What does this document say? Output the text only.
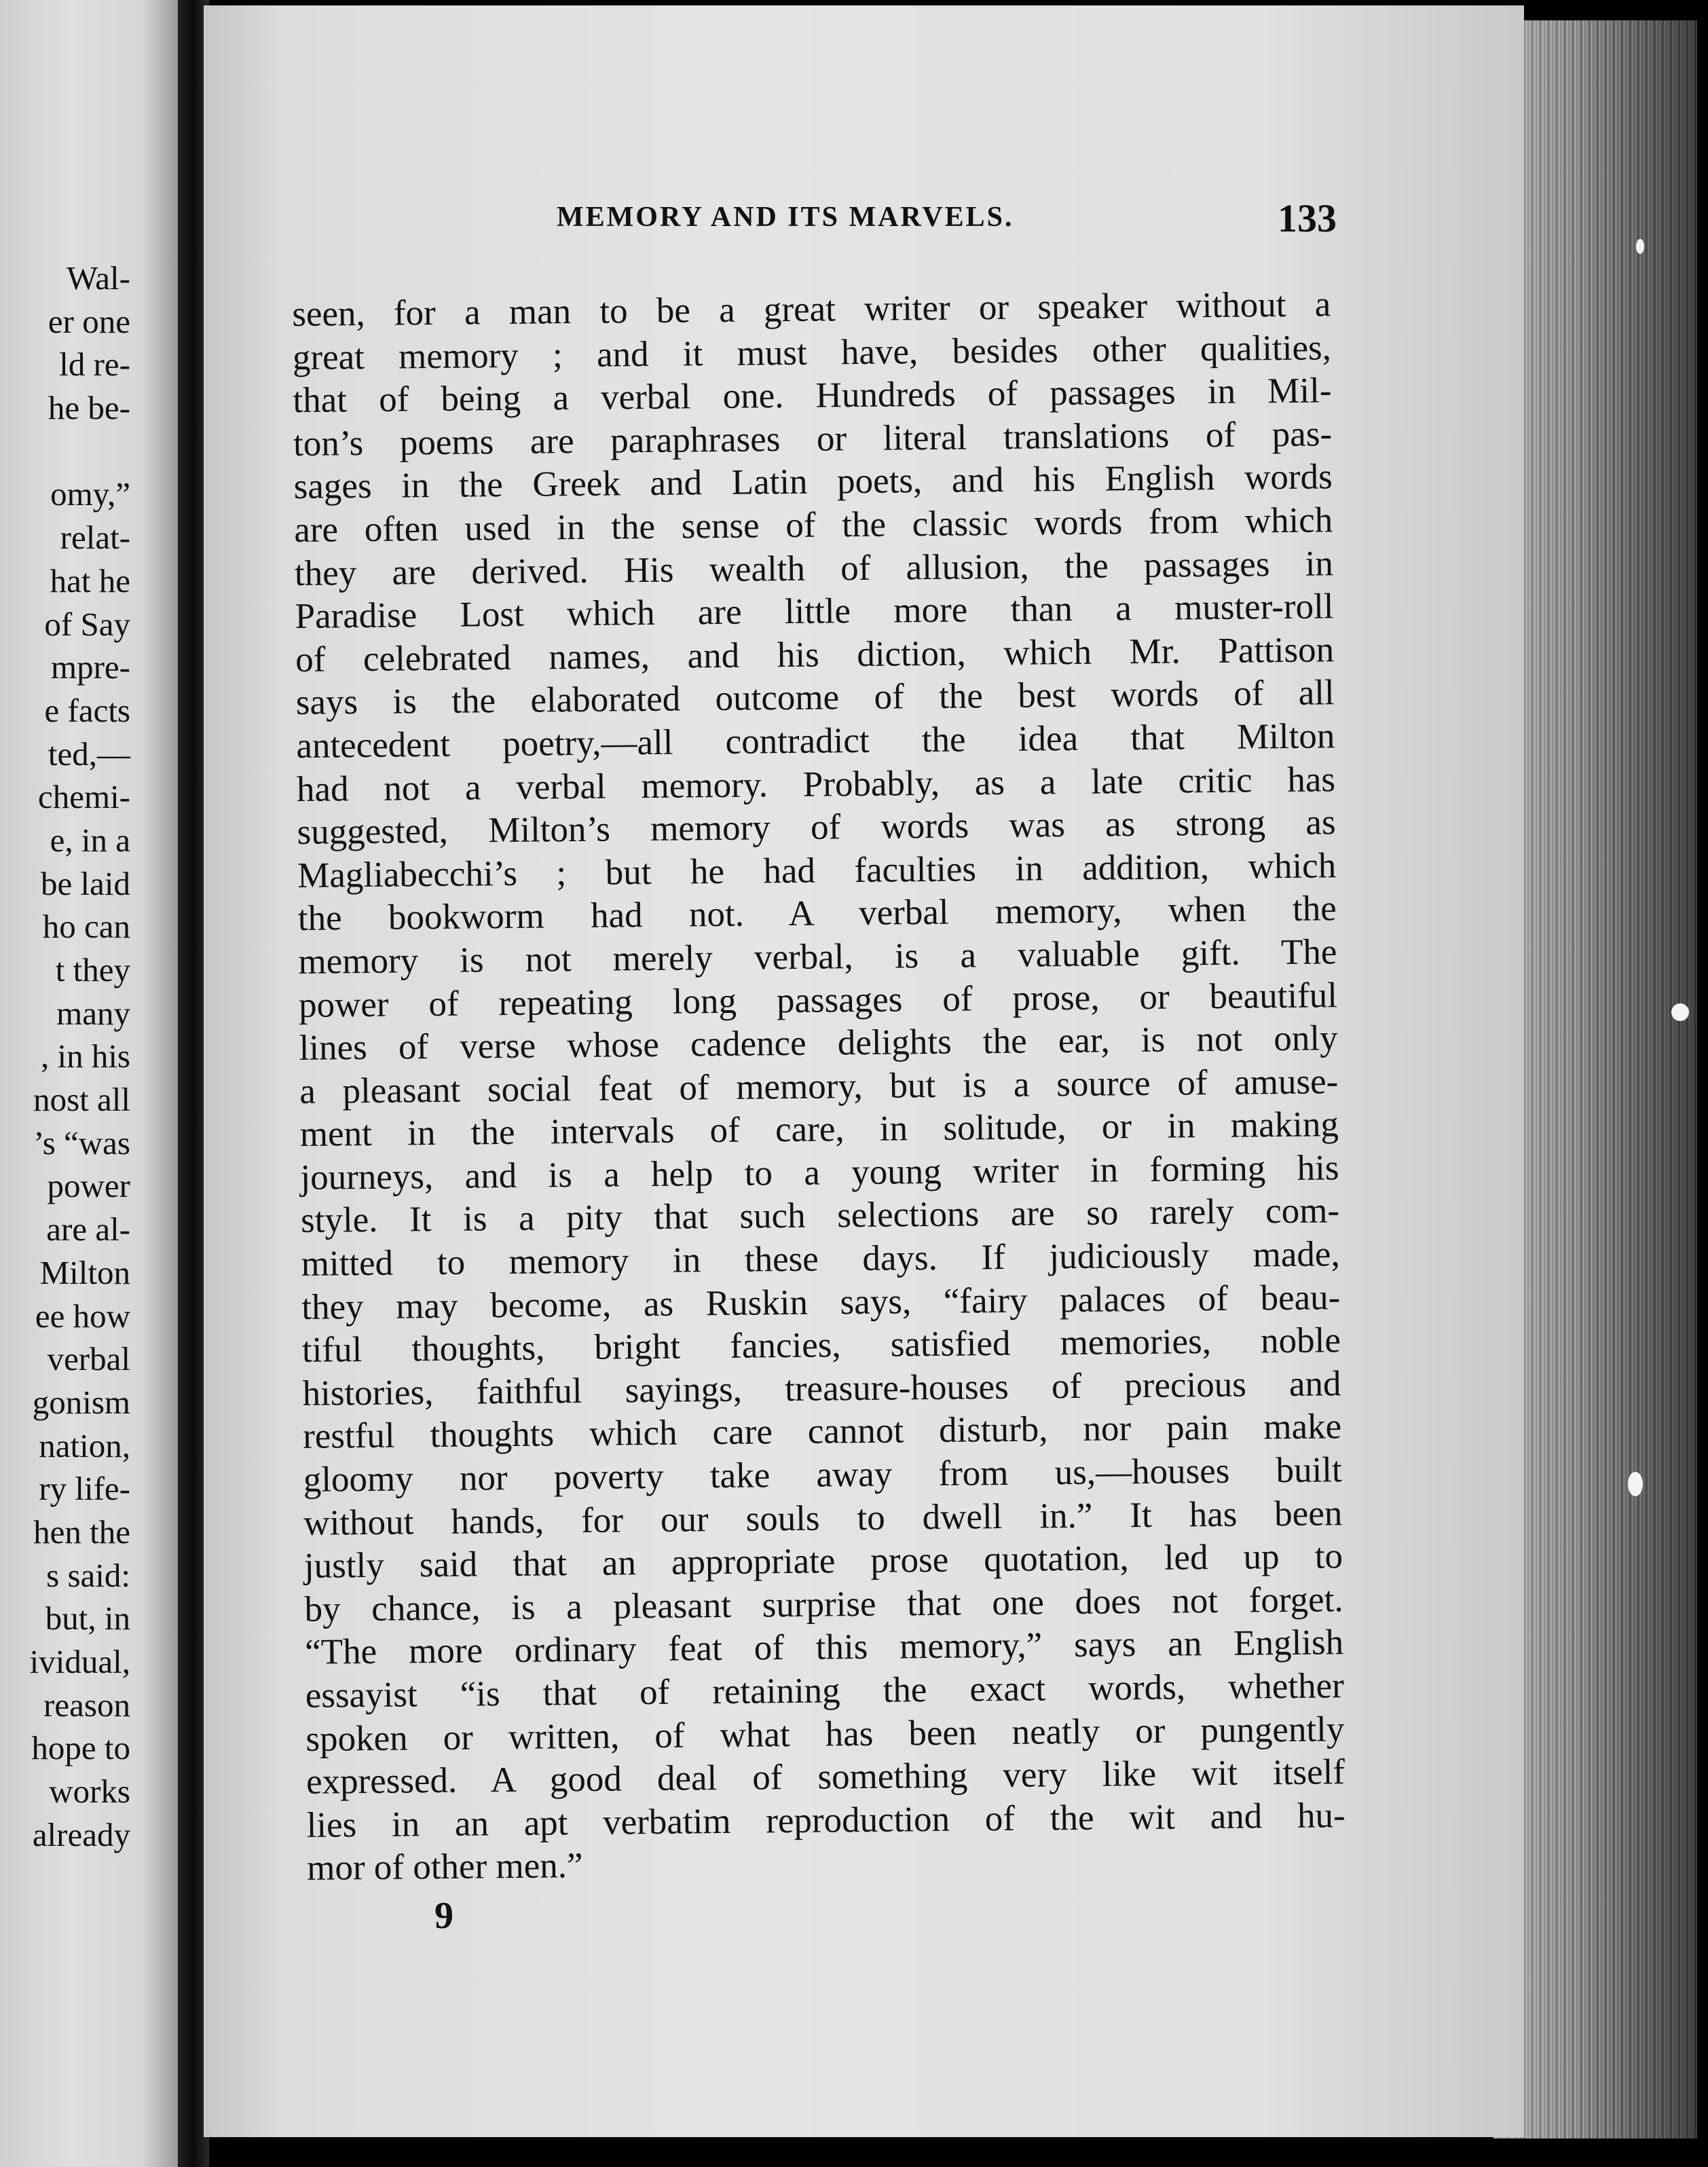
Wal-
er one
ld re-
he be-
omy,”
relat-
hat he
of Say
mpre-
e facts
ted,—
chemi-
e, in a
be laid
ho can
t they
many
, in his
nost all
’s “was
power
are al-
Milton
ee how
verbal
gonism
nation,
ry life-
hen the
s said:
but, in
ividual,
reason
hope to
works
already
MEMORY AND ITS MARVELS.	133
seen, for a man to be a great writer or speaker without a
great memory ; and it must have, besides other qualities,
that of being a verbal one. Hundreds of passages in Mil-
ton’s poems are paraphrases or literal translations of pas-
sages in the Greek and Latin poets, and his English words
are often used in the sense of the classic words from which
they are derived. His wealth of allusion, the passages in
Paradise Lost which are little more than a muster-roll
of celebrated names, and his diction, which Mr. Pattison
says is the elaborated outcome of the best words of all
antecedent poetry,—all contradict the idea that Milton
had not a verbal memory. Probably, as a late critic has
suggested, Milton’s memory of words was as strong as
Magliabecchi’s ; but he had faculties in addition, which
the bookworm had not. A verbal memory, when the
memory is not merely verbal, is a valuable gift. The
power of repeating long passages of prose, or beautiful
lines of verse whose cadence delights the ear, is not only
a pleasant social feat of memory, but is a source of amuse-
ment in the intervals of care, in solitude, or in making
journeys, and is a help to a young writer in forming his
style. It is a pity that such selections are so rarely com-
mitted to memory in these days. If judiciously made,
they may become, as Ruskin says, “fairy palaces of beau-
tiful thoughts, bright fancies, satisfied memories, noble
histories, faithful sayings, treasure-houses of precious and
restful thoughts which care cannot disturb, nor pain make
gloomy nor poverty take away from us,—houses built
without hands, for our souls to dwell in.” It has been
justly said that an appropriate prose quotation, led up to
by chance, is a pleasant surprise that one does not forget.
“The more ordinary feat of this memory,” says an English
essayist “is that of retaining the exact words, whether
spoken or written, of what has been neatly or pungently
expressed. A good deal of something very like wit itself
lies in an apt verbatim reproduction of the wit and hu-
mor of other men.”
9
